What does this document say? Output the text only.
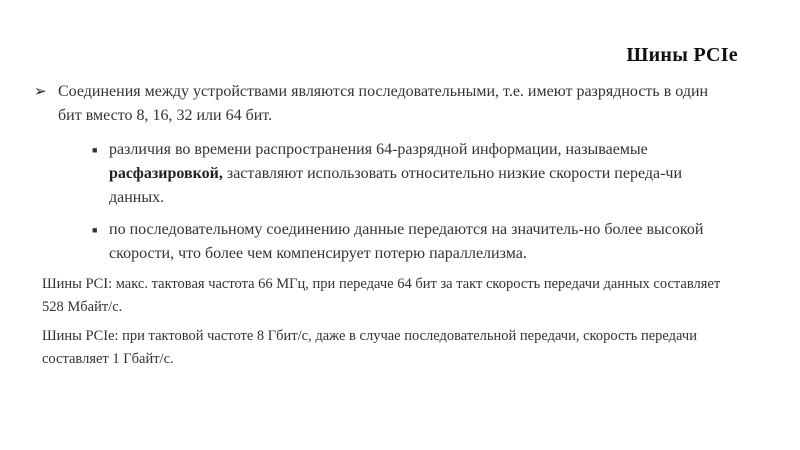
Шины PCIe
➢ Соединения между устройствами являются последовательными, т.е. имеют разрядность в один бит вместо 8, 16, 32 или 64 бит.
■ различия во времени распространения 64-разрядной информации, называемые расфазировкой, заставляют использовать относительно низкие скорости переда-чи данных.
■ по последовательному соединению данные передаются на значитель-но более высокой скорости, что более чем компенсирует потерю параллелизма.
Шины PCI: макс. тактовая частота 66 МГц, при передаче 64 бит за такт скорость передачи данных составляет 528 Мбайт/с.
Шины PCIe: при тактовой частоте 8 Гбит/с, даже в случае последовательной передачи, скорость передачи составляет 1 Гбайт/с.
